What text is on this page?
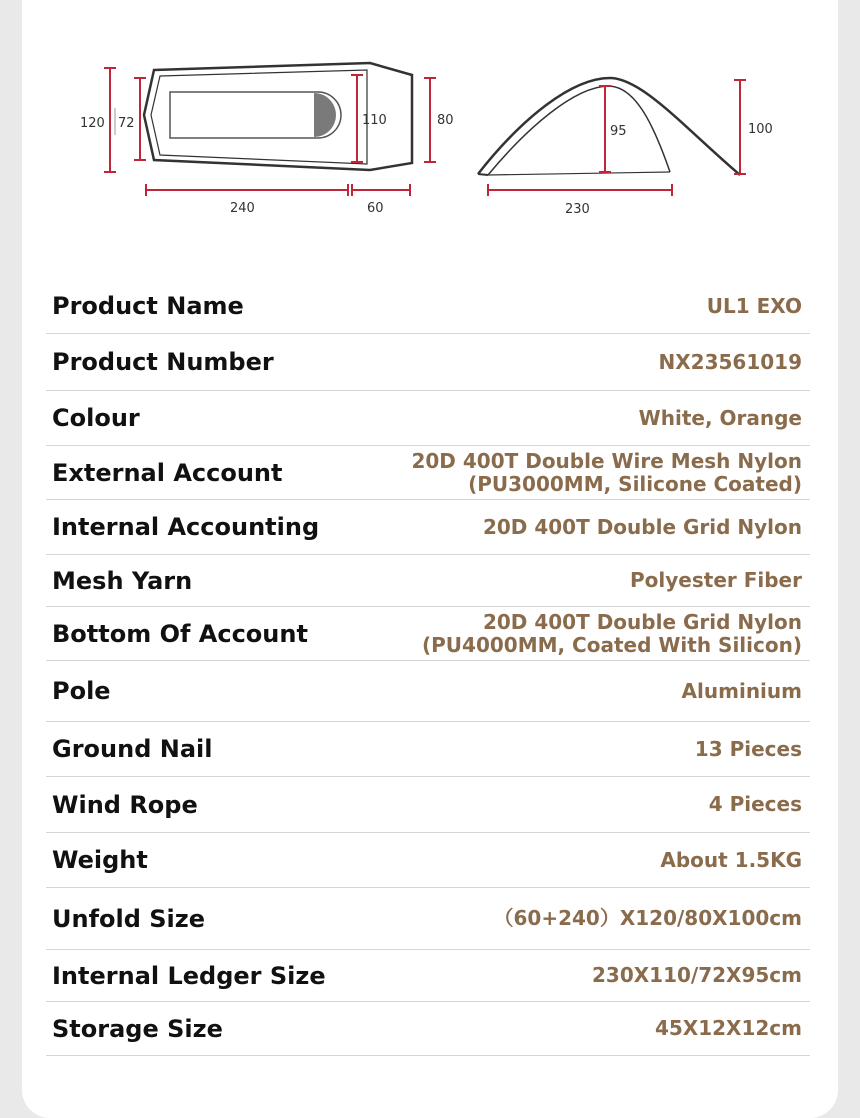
120 72	110	80
240	60
95	100
230
Product Name	UL1 EXO
Product Number	NX23561019
Colour	White, Orange
External Account	20D 400T Double Wire Mesh Nylon
(PU3000MM, Silicone Coated)
Internal Accounting	20D 400T Double Grid Nylon
Mesh Yarn	Polyester Fiber
Bottom Of Account	20D 400T Double Grid Nylon
(PU4000MM, Coated With Silicon)
Pole	Aluminium
Ground Nail	13 Pieces
Wind Rope	4 Pieces
Weight	About 1.5KG
Unfold Size	（60+240）X120/80X100cm
Internal Ledger Size	230X110/72X95cm
Storage Size	45X12X12cm
